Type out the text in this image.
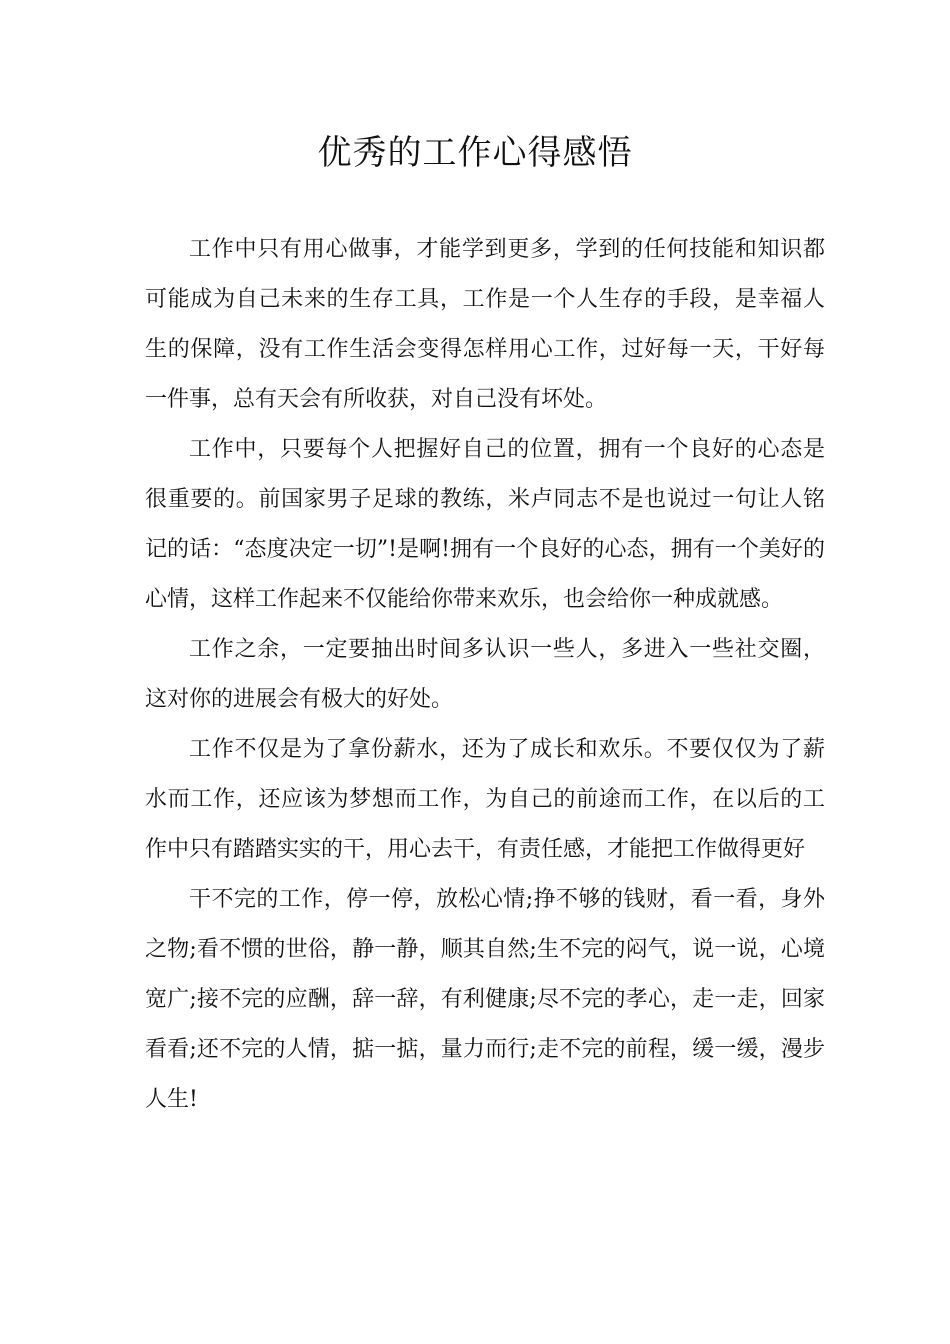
优秀的工作心得感悟

工作中只有用心做事，才能学到更多，学到的任何技能和知识都可能成为自己未来的生存工具，工作是一个人生存的手段，是幸福人生的保障，没有工作生活会变得怎样用心工作，过好每一天，干好每一件事，总有天会有所收获，对自己没有坏处。

工作中，只要每个人把握好自己的位置，拥有一个良好的心态是很重要的。前国家男子足球的教练，米卢同志不是也说过一句让人铭记的话：“态度决定一切”!是啊!拥有一个良好的心态，拥有一个美好的心情，这样工作起来不仅能给你带来欢乐，也会给你一种成就感。

工作之余，一定要抽出时间多认识一些人，多进入一些社交圈，这对你的进展会有极大的好处。

工作不仅是为了拿份薪水，还为了成长和欢乐。不要仅仅为了薪水而工作，还应该为梦想而工作，为自己的前途而工作，在以后的工作中只有踏踏实实的干，用心去干，有责任感，才能把工作做得更好

干不完的工作，停一停，放松心情;挣不够的钱财，看一看，身外之物;看不惯的世俗，静一静，顺其自然;生不完的闷气，说一说，心境宽广;接不完的应酬，辞一辞，有利健康;尽不完的孝心，走一走，回家看看;还不完的人情，掂一掂，量力而行;走不完的前程，缓一缓，漫步人生!
